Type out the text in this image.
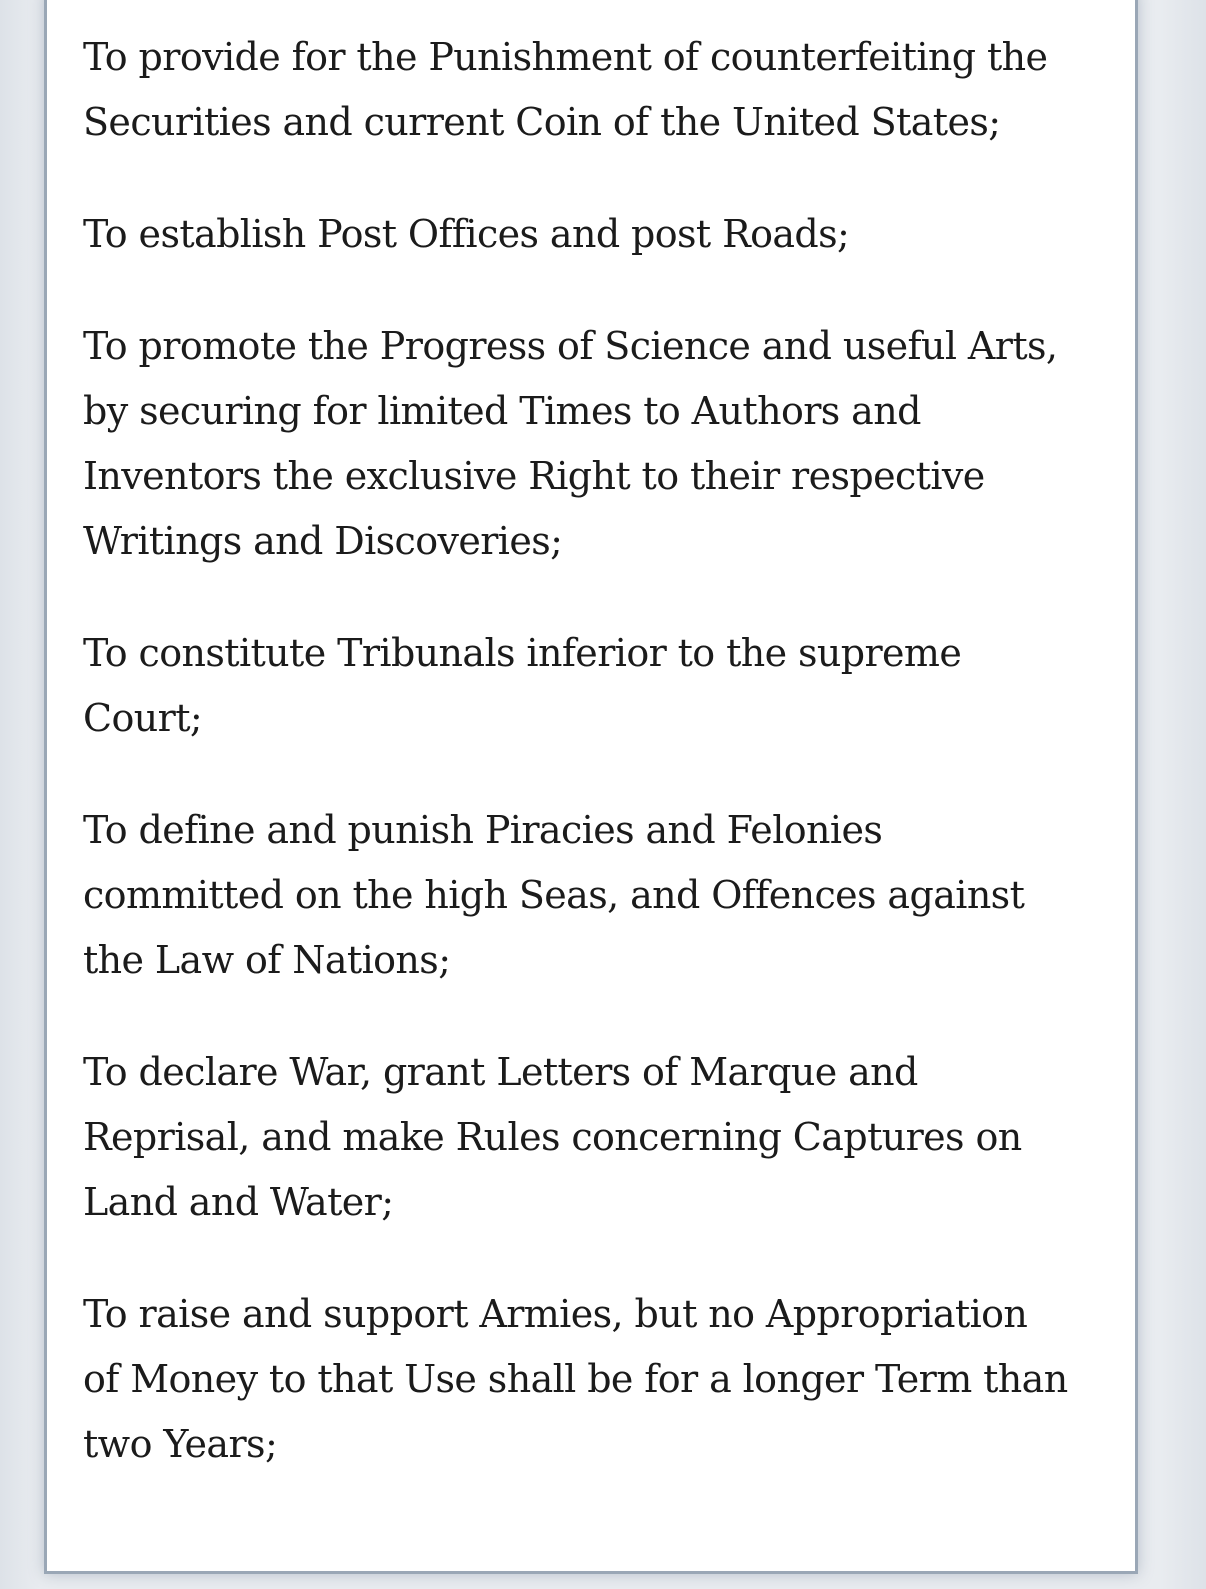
To provide for the Punishment of counterfeiting the
Securities and current Coin of the United States;

To establish Post Offices and post Roads;

To promote the Progress of Science and useful Arts,
by securing for limited Times to Authors and
Inventors the exclusive Right to their respective
Writings and Discoveries;

To constitute Tribunals inferior to the supreme
Court;

To define and punish Piracies and Felonies
committed on the high Seas, and Offences against
the Law of Nations;

To declare War, grant Letters of Marque and
Reprisal, and make Rules concerning Captures on
Land and Water;

To raise and support Armies, but no Appropriation
of Money to that Use shall be for a longer Term than
two Years;
